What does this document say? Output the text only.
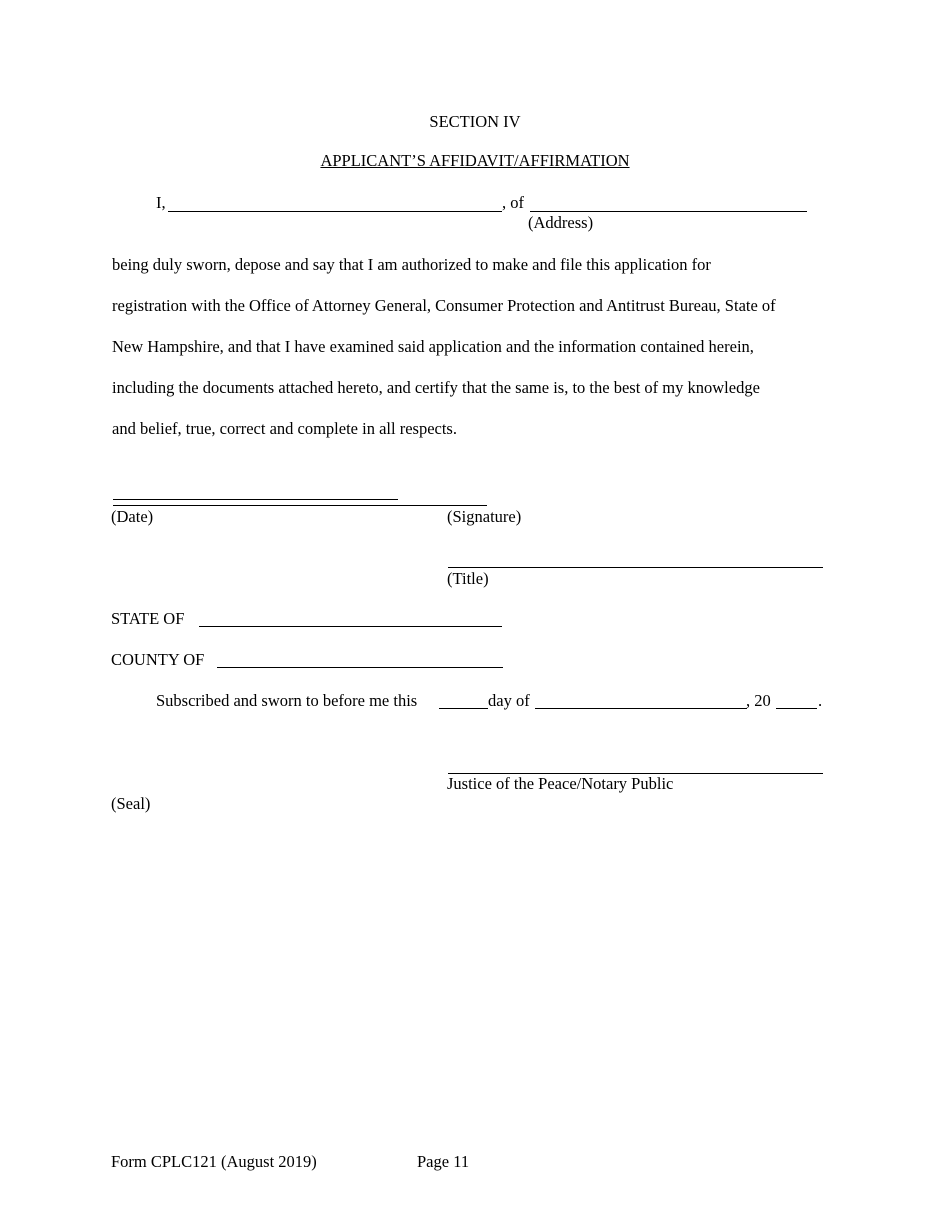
SECTION IV
APPLICANT’S AFFIDAVIT/AFFIRMATION
I,	, of
(Address)

being duly sworn, depose and say that I am authorized to make and file this application for

registration with the Office of Attorney General, Consumer Protection and Antitrust Bureau, State of

New Hampshire, and that I have examined said application and the information contained herein,

including the documents attached hereto, and certify that the same is, to the best of my knowledge

and belief, true, correct and complete in all respects.

(Date)	(Signature)
(Title)
STATE OF
COUNTY OF
Subscribed and sworn to before me this	day of	, 20	.
Justice of the Peace/Notary Public
(Seal)
Form CPLC121 (August 2019)	Page 11
